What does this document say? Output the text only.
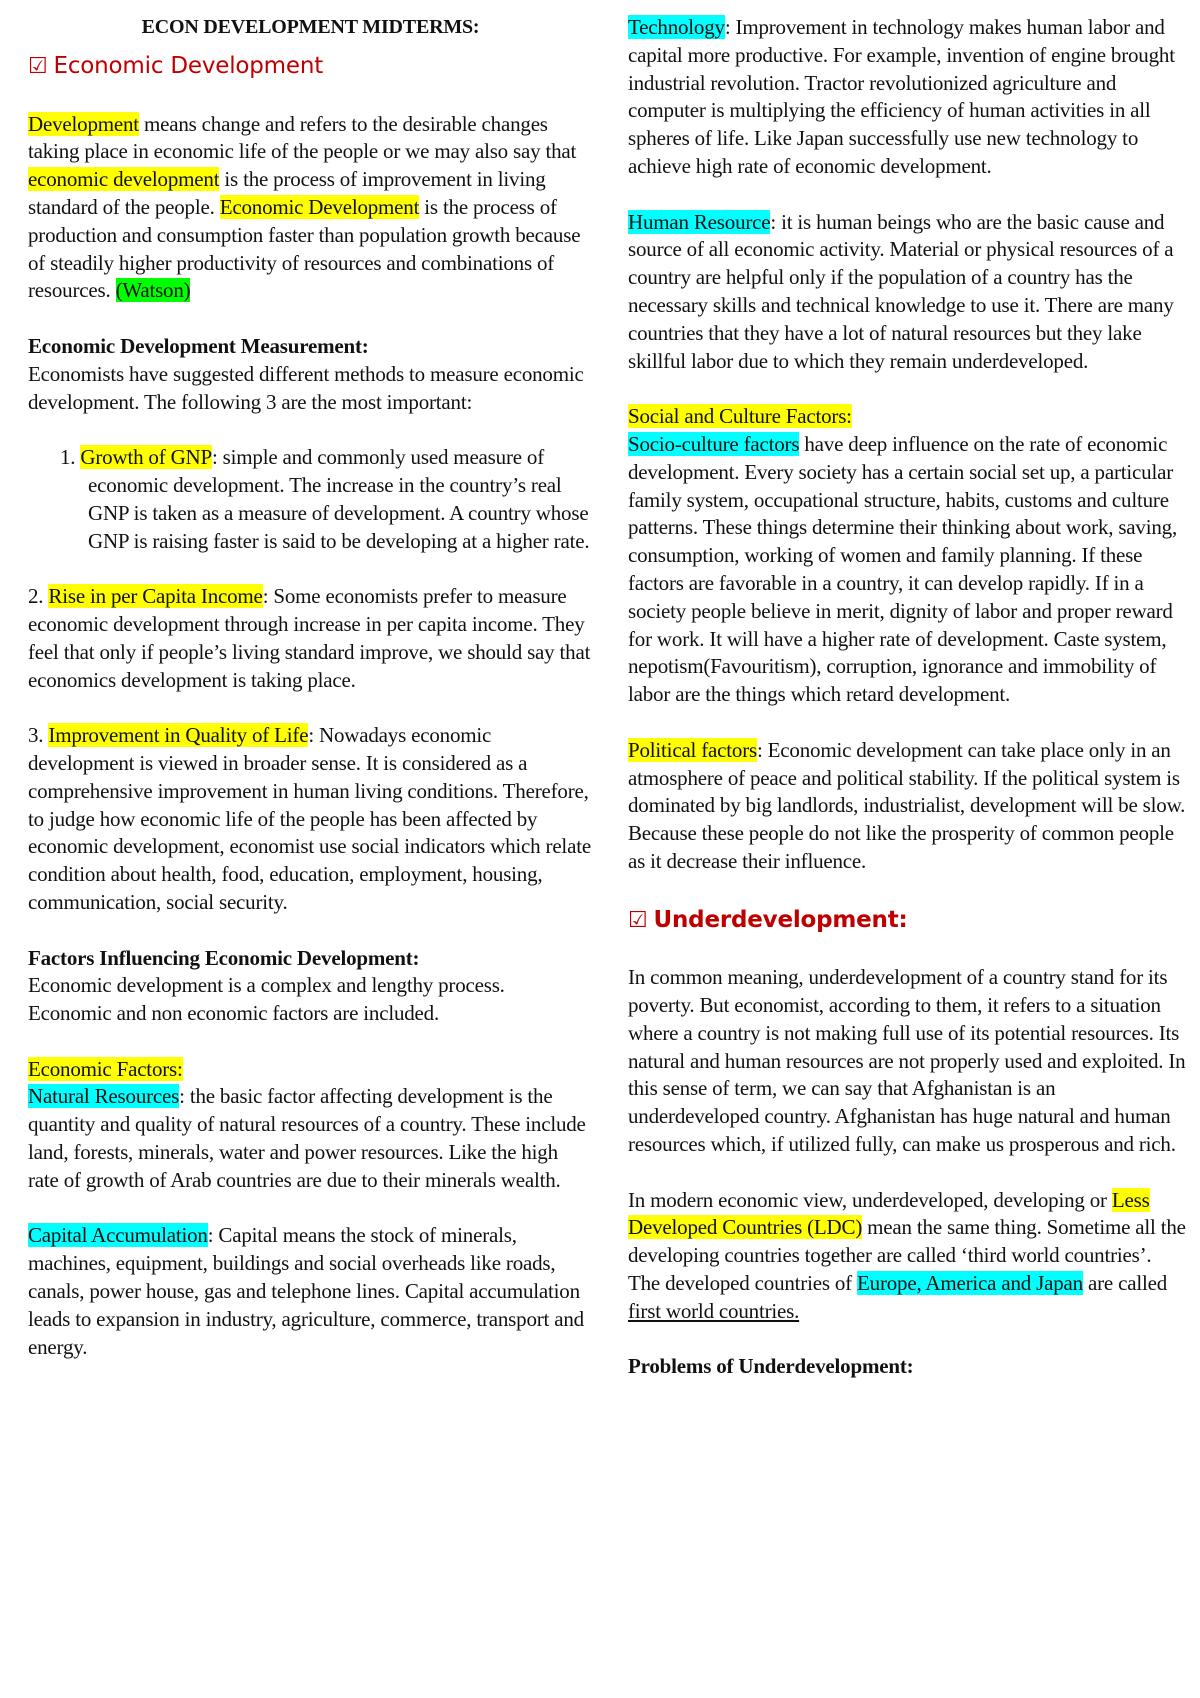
ECON DEVELOPMENT MIDTERMS:

☑ Economic Development

Development means change and refers to the desirable changes taking place in economic life of the people or we may also say that economic development is the process of improvement in living standard of the people. Economic Development is the process of production and consumption faster than population growth because of steadily higher productivity of resources and combinations of resources. (Watson)

Economic Development Measurement:

Economists have suggested different methods to measure economic development. The following 3 are the most important:

1. Growth of GNP: simple and commonly used measure of economic development. The increase in the country’s real GNP is taken as a measure of development. A country whose GNP is raising faster is said to be developing at a higher rate.

2. Rise in per Capita Income: Some economists prefer to measure economic development through increase in per capita income. They feel that only if people’s living standard improve, we should say that economics development is taking place.

3. Improvement in Quality of Life: Nowadays economic development is viewed in broader sense. It is considered as a comprehensive improvement in human living conditions. Therefore, to judge how economic life of the people has been affected by economic development, economist use social indicators which relate condition about health, food, education, employment, housing, communication, social security.

Factors Influencing Economic Development:

Economic development is a complex and lengthy process. Economic and non economic factors are included.

Economic Factors:

Natural Resources: the basic factor affecting development is the quantity and quality of natural resources of a country. These include land, forests, minerals, water and power resources. Like the high rate of growth of Arab countries are due to their minerals wealth.

Capital Accumulation: Capital means the stock of minerals, machines, equipment, buildings and social overheads like roads, canals, power house, gas and telephone lines. Capital accumulation leads to expansion in industry, agriculture, commerce, transport and energy.

Technology: Improvement in technology makes human labor and capital more productive. For example, invention of engine brought industrial revolution. Tractor revolutionized agriculture and computer is multiplying the efficiency of human activities in all spheres of life. Like Japan successfully use new technology to achieve high rate of economic development.

Human Resource: it is human beings who are the basic cause and source of all economic activity. Material or physical resources of a country are helpful only if the population of a country has the necessary skills and technical knowledge to use it. There are many countries that they have a lot of natural resources but they lake skillful labor due to which they remain underdeveloped.

Social and Culture Factors:

Socio-culture factors have deep influence on the rate of economic development. Every society has a certain social set up, a particular family system, occupational structure, habits, customs and culture patterns. These things determine their thinking about work, saving, consumption, working of women and family planning. If these factors are favorable in a country, it can develop rapidly. If in a society people believe in merit, dignity of labor and proper reward for work. It will have a higher rate of development. Caste system, nepotism(Favouritism), corruption, ignorance and immobility of labor are the things which retard development.

Political factors: Economic development can take place only in an atmosphere of peace and political stability. If the political system is dominated by big landlords, industrialist, development will be slow. Because these people do not like the prosperity of common people as it decrease their influence.

☑ Underdevelopment:

In common meaning, underdevelopment of a country stand for its poverty. But economist, according to them, it refers to a situation where a country is not making full use of its potential resources. Its natural and human resources are not properly used and exploited. In this sense of term, we can say that Afghanistan is an underdeveloped country. Afghanistan has huge natural and human resources which, if utilized fully, can make us prosperous and rich.

In modern economic view, underdeveloped, developing or Less Developed Countries (LDC) mean the same thing. Sometime all the developing countries together are called ‘third world countries’. The developed countries of Europe, America and Japan are called first world countries.

Problems of Underdevelopment:
